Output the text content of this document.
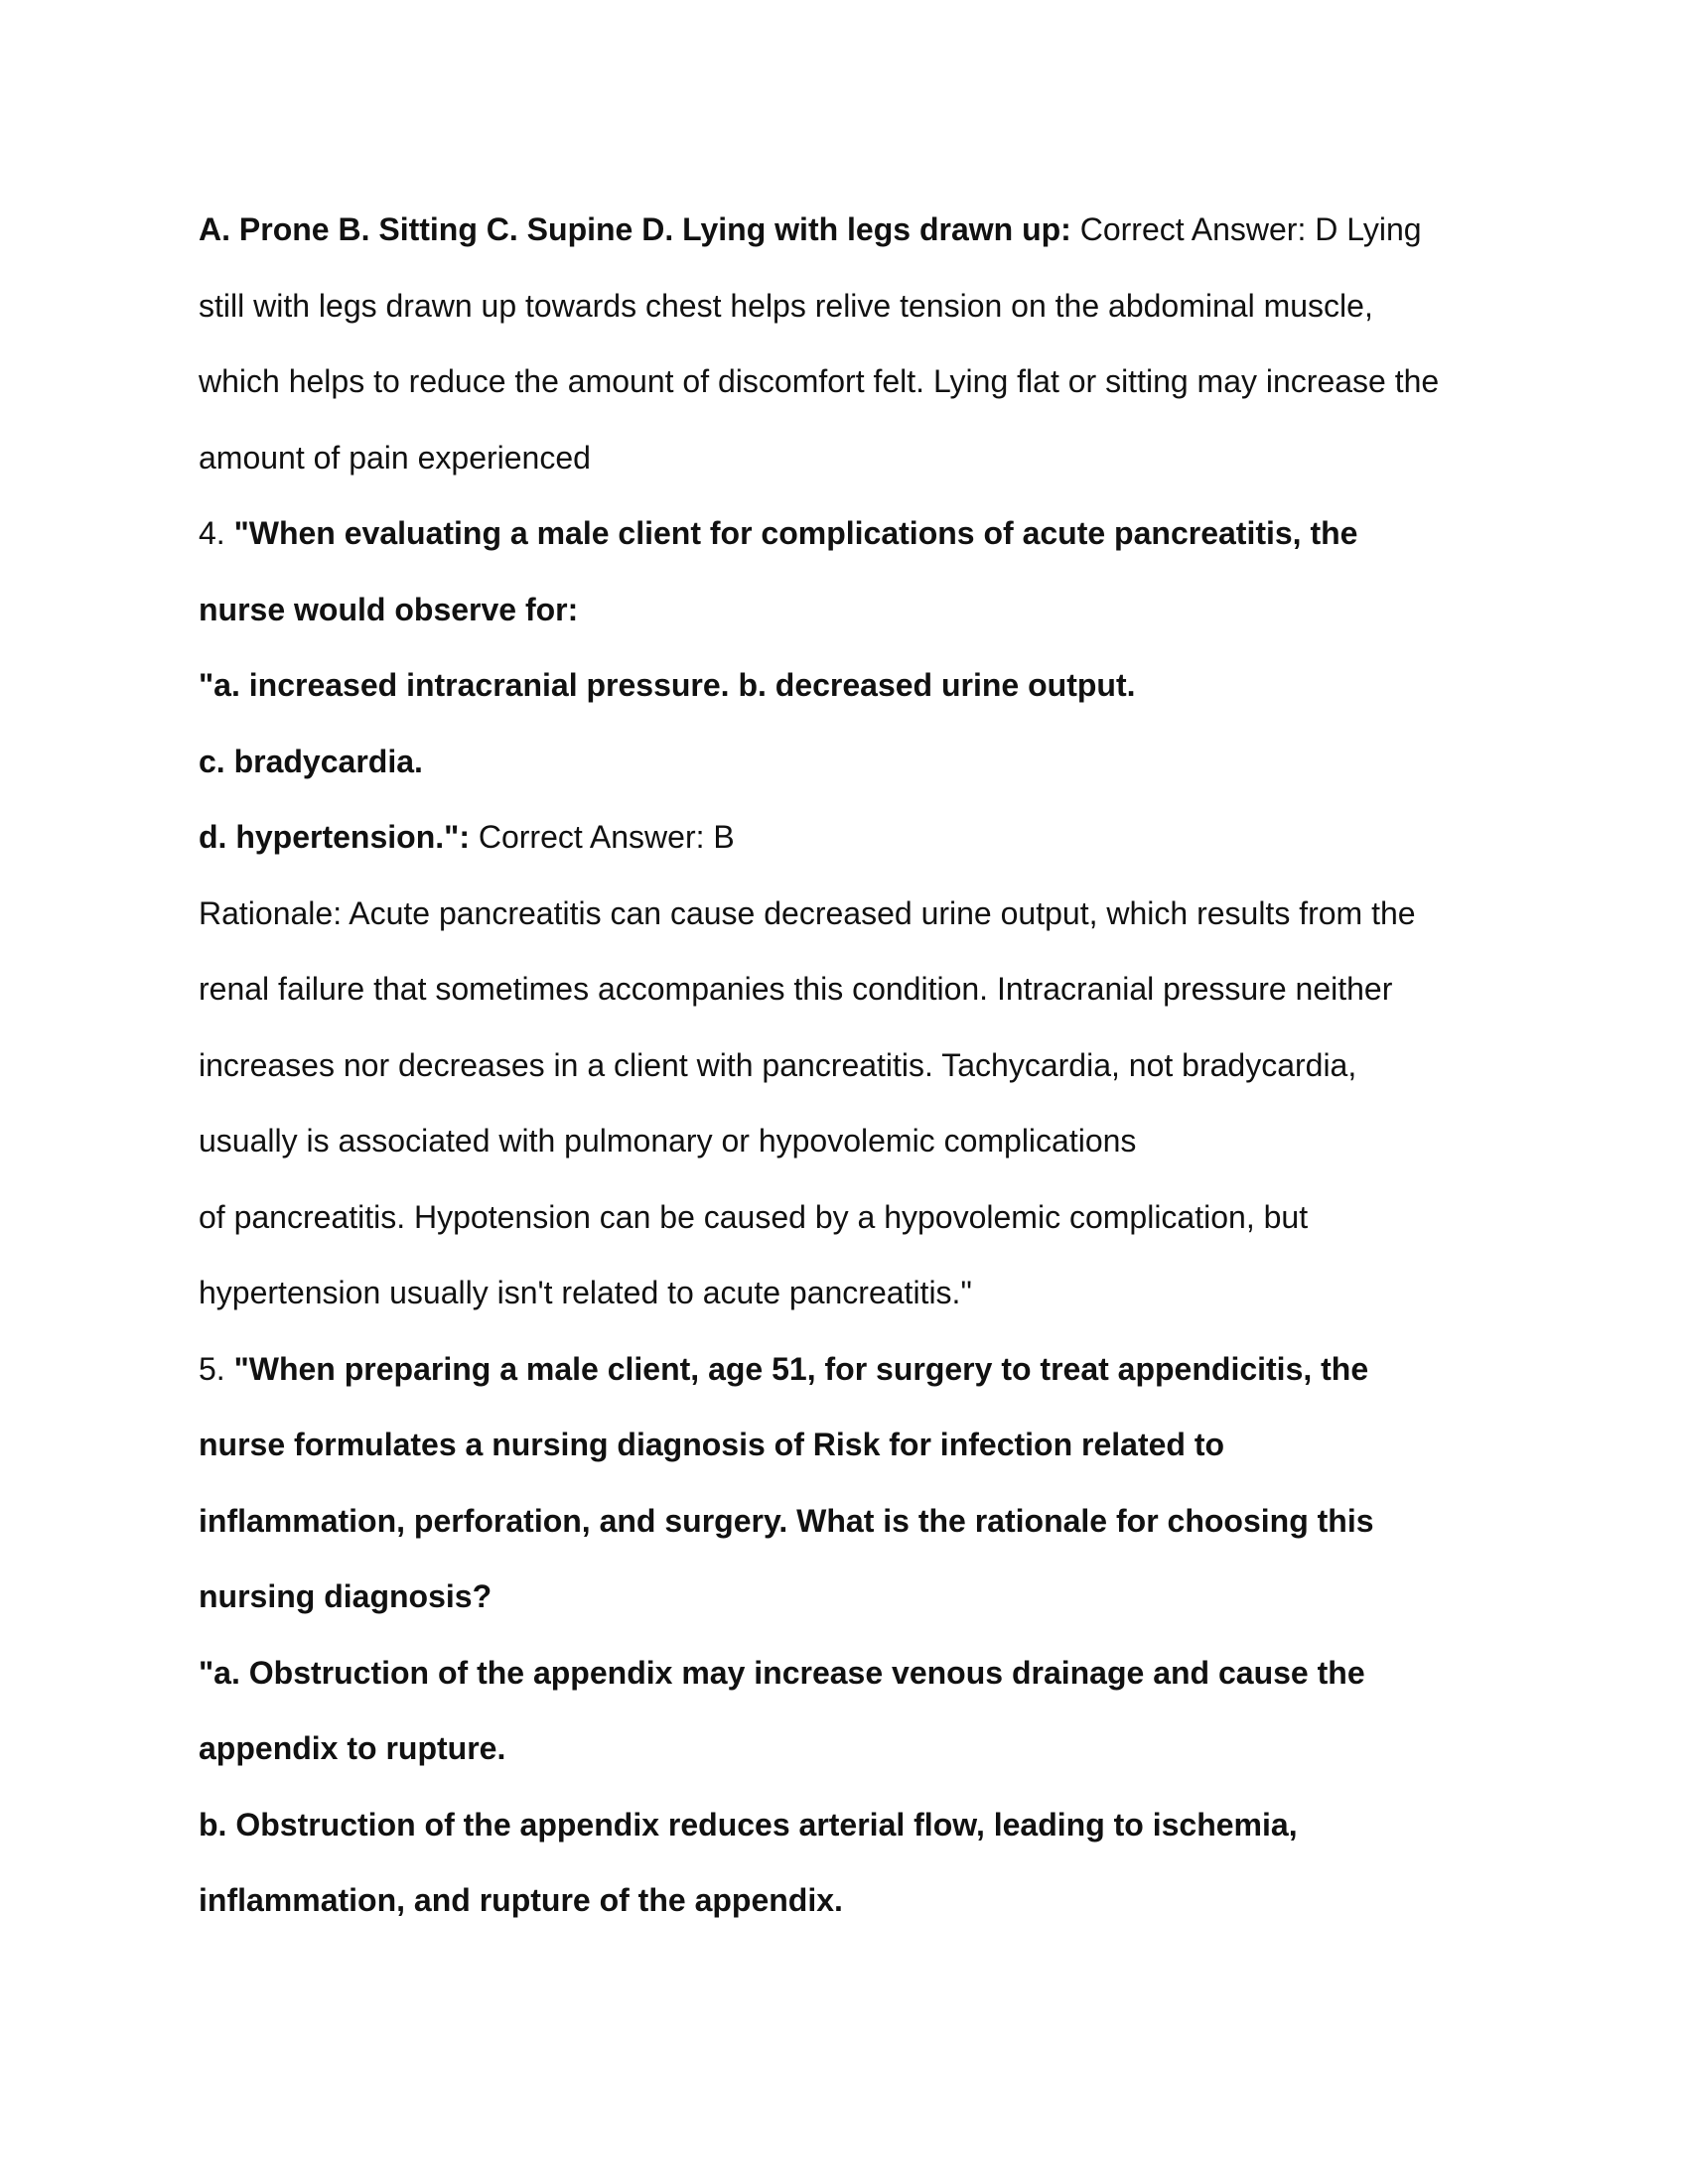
A. Prone B. Sitting C. Supine D. Lying with legs drawn up: Correct Answer: D Lying
still with legs drawn up towards chest helps relive tension on the abdominal muscle,
which helps to reduce the amount of discomfort felt. Lying flat or sitting may increase the
amount of pain experienced
4. "When evaluating a male client for complications of acute pancreatitis, the
nurse would observe for:
"a. increased intracranial pressure. b. decreased urine output.
c. bradycardia.
d. hypertension.": Correct Answer: B
Rationale: Acute pancreatitis can cause decreased urine output, which results from the
renal failure that sometimes accompanies this condition. Intracranial pressure neither
increases nor decreases in a client with pancreatitis. Tachycardia, not bradycardia,
usually is associated with pulmonary or hypovolemic complications
of pancreatitis. Hypotension can be caused by a hypovolemic complication, but
hypertension usually isn't related to acute pancreatitis."
5. "When preparing a male client, age 51, for surgery to treat appendicitis, the
nurse formulates a nursing diagnosis of Risk for infection related to
inflammation, perforation, and surgery. What is the rationale for choosing this
nursing diagnosis?
"a. Obstruction of the appendix may increase venous drainage and cause the
appendix to rupture.
b. Obstruction of the appendix reduces arterial flow, leading to ischemia,
inflammation, and rupture of the appendix.
